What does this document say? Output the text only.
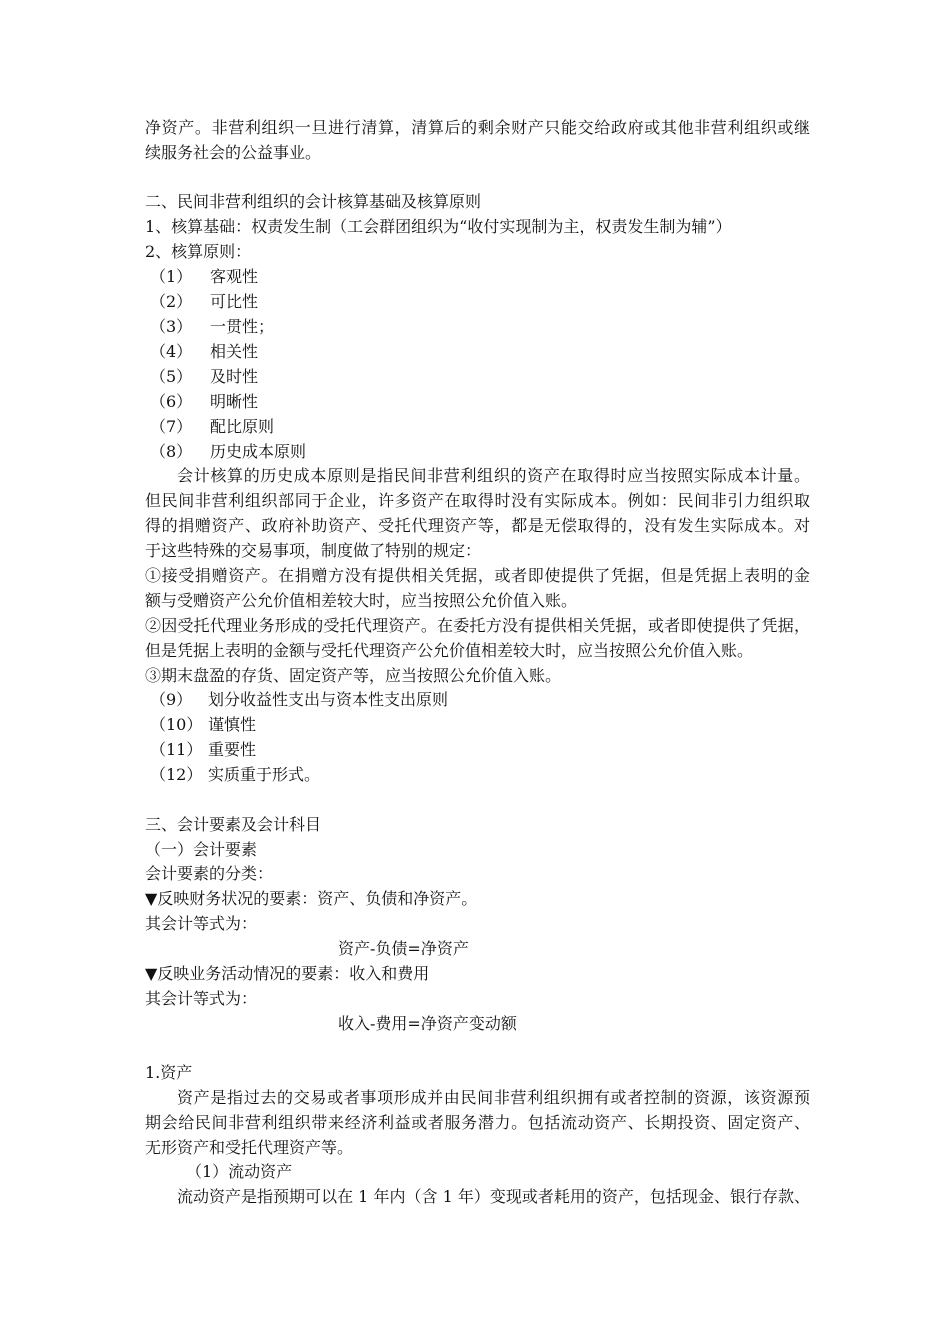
净资产。非营利组织一旦进行清算，清算后的剩余财产只能交给政府或其他非营利组织或继
续服务社会的公益事业。
二、民间非营利组织的会计核算基础及核算原则
1、核算基础：权责发生制（工会群团组织为“收付实现制为主，权责发生制为辅”）
2、核算原则：
（1） 客观性
（2） 可比性
（3） 一贯性；
（4） 相关性
（5） 及时性
（6） 明晰性
（7） 配比原则
（8） 历史成本原则
会计核算的历史成本原则是指民间非营利组织的资产在取得时应当按照实际成本计量。
但民间非营利组织部同于企业，许多资产在取得时没有实际成本。例如：民间非引力组织取
得的捐赠资产、政府补助资产、受托代理资产等，都是无偿取得的，没有发生实际成本。对
于这些特殊的交易事项，制度做了特别的规定：
①接受捐赠资产。在捐赠方没有提供相关凭据，或者即使提供了凭据，但是凭据上表明的金
额与受赠资产公允价值相差较大时，应当按照公允价值入账。
②因受托代理业务形成的受托代理资产。在委托方没有提供相关凭据，或者即使提供了凭据，
但是凭据上表明的金额与受托代理资产公允价值相差较大时，应当按照公允价值入账。
③期末盘盈的存货、固定资产等，应当按照公允价值入账。
（9） 划分收益性支出与资本性支出原则
（10） 谨慎性
（11） 重要性
（12） 实质重于形式。
三、会计要素及会计科目
（一）会计要素
会计要素的分类：
▼反映财务状况的要素：资产、负债和净资产。
其会计等式为：
资产-负债=净资产
▼反映业务活动情况的要素：收入和费用
其会计等式为：
收入-费用=净资产变动额
1.资产
资产是指过去的交易或者事项形成并由民间非营利组织拥有或者控制的资源，该资源预
期会给民间非营利组织带来经济利益或者服务潜力。包括流动资产、长期投资、固定资产、
无形资产和受托代理资产等。
（1）流动资产
流动资产是指预期可以在 1 年内（含 1 年）变现或者耗用的资产，包括现金、银行存款、
